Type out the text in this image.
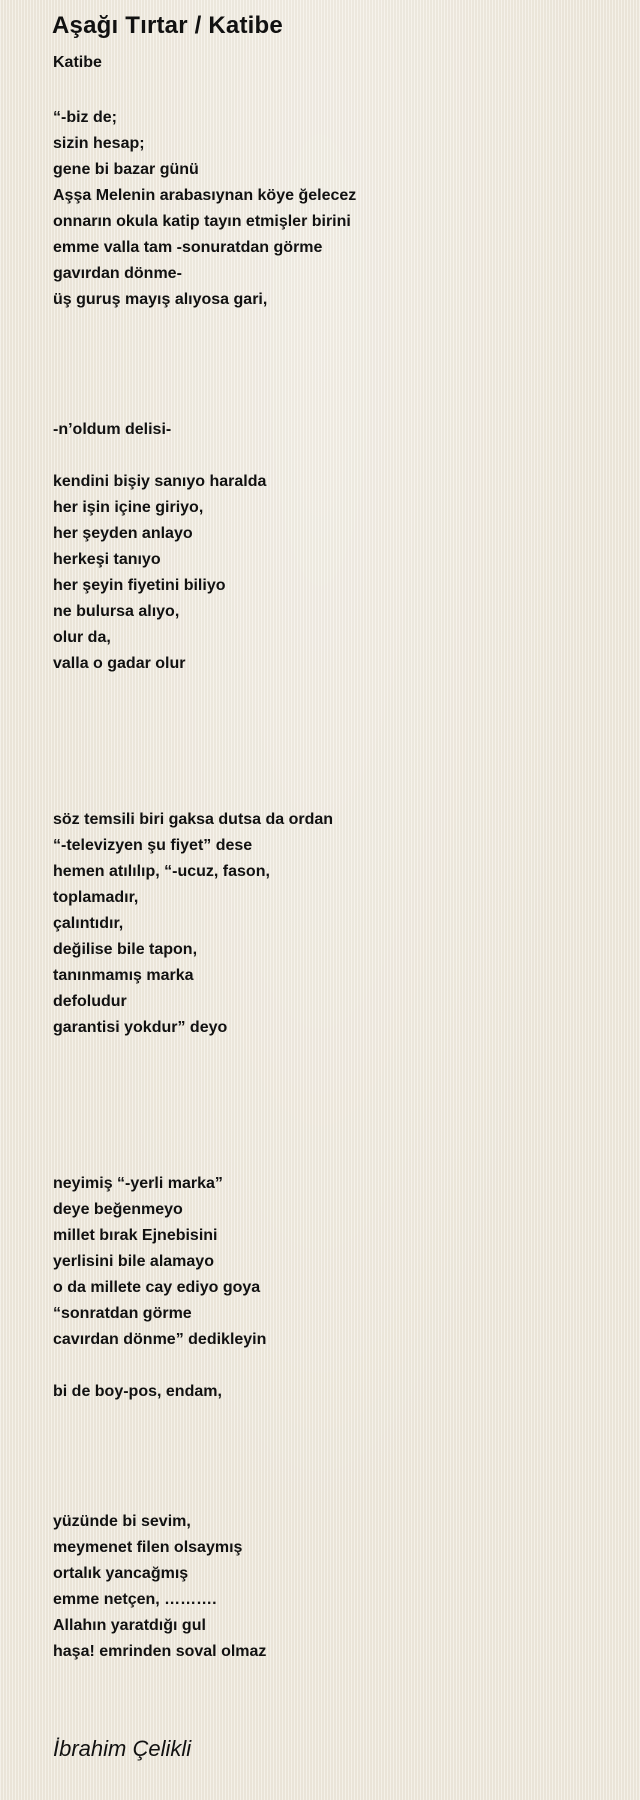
Aşağı Tırtar / Katibe
Katibe
“-biz de;
sizin hesap;
gene bi bazar günü
Aşşa Melenin arabasıynan köye ğelecez
onnarın okula katip tayın etmişler birini
emme valla tam -sonuratdan görme
gavırdan dönme-
üş guruş mayış alıyosa gari,
-n’oldum delisi-
kendini bişiy sanıyo haralda
her işin içine giriyo,
her şeyden anlayo
herkeşi tanıyo
her şeyin fiyetini biliyo
ne bulursa alıyo,
olur da,
valla o gadar olur
söz temsili biri gaksa dutsa da ordan
“-televizyen şu fiyet” dese
hemen atılılıp, “-ucuz, fason,
toplamadır,
çalıntıdır,
değilise bile tapon,
tanınmamış marka
defoludur
garantisi yokdur” deyo
neyimiş “-yerli marka”
deye beğenmeyo
millet bırak Ejnebisini
yerlisini bile alamayo
o da millete cay ediyo goya
“sonratdan görme
cavırdan dönme” dedikleyin
bi de boy-pos, endam,
yüzünde bi sevim,
meymenet filen olsaymış
ortalık yancağmış
emme netçen, ……….
Allahın yaratdığı gul
haşa! emrinden soval olmaz
İbrahim Çelikli
